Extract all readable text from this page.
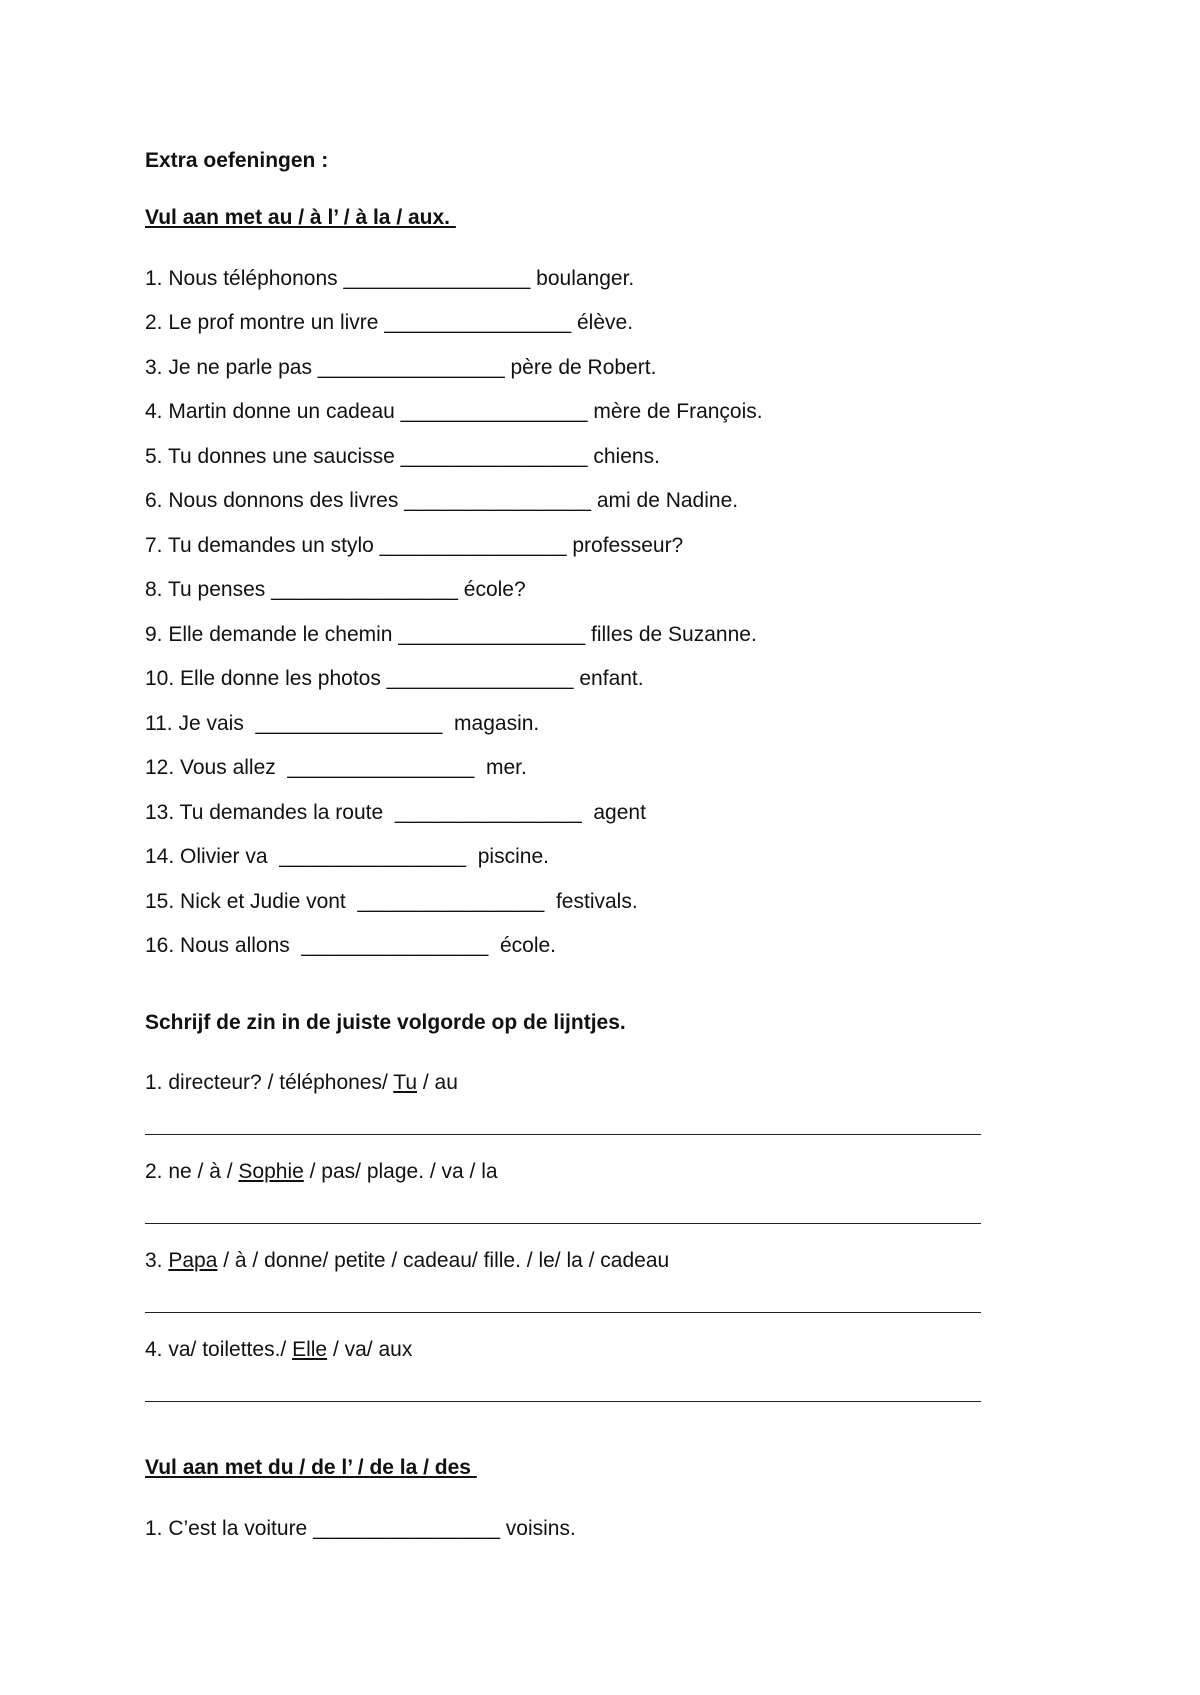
Extra oefeningen :
Vul aan met au / à l’ / à la / aux.
1. Nous téléphonons ________________ boulanger.
2. Le prof montre un livre ________________ élève.
3. Je ne parle pas ________________ père de Robert.
4. Martin donne un cadeau ________________ mère de François.
5. Tu donnes une saucisse ________________ chiens.
6. Nous donnons des livres ________________ ami de Nadine.
7. Tu demandes un stylo ________________ professeur?
8. Tu penses ________________ école?
9. Elle demande le chemin ________________ filles de Suzanne.
10. Elle donne les photos ________________ enfant.
11. Je vais  ________________  magasin.
12. Vous allez  ________________  mer.
13. Tu demandes la route  ________________  agent
14. Olivier va  ________________  piscine.
15. Nick et Judie vont  ________________  festivals.
16. Nous allons  ________________  école.
Schrijf de zin in de juiste volgorde op de lijntjes.
1. directeur? / téléphones/ Tu / au
2. ne / à / Sophie / pas/ plage. / va / la
3. Papa / à / donne/ petite / cadeau/ fille. / le/ la / cadeau
4. va/ toilettes./ Elle / va/ aux
Vul aan met du / de l’ / de la / des
1. C’est la voiture ________________ voisins.
